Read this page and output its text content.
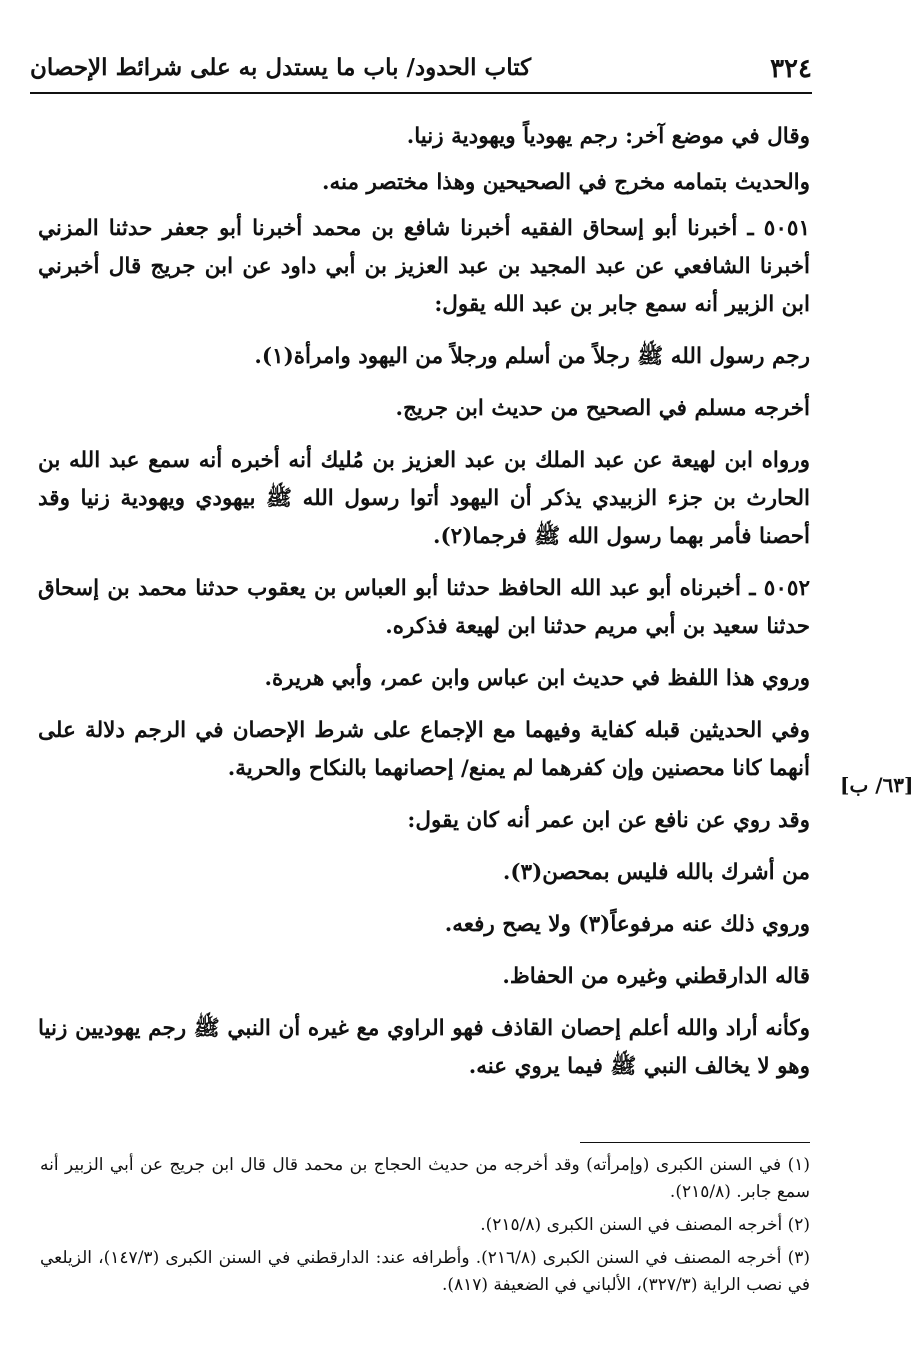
٣٢٤
كتاب الحدود/ باب ما يستدل به على شرائط الإحصان

وقال في موضع آخر: رجم يهودياً ويهودية زنيا.

والحديث بتمامه مخرج في الصحيحين وهذا مختصر منه.

٥٠٥١ ـ أخبرنا أبو إسحاق الفقيه أخبرنا شافع بن محمد أخبرنا أبو جعفر حدثنا المزني أخبرنا الشافعي عن عبد المجيد بن عبد العزيز بن أبي داود عن ابن جريج قال أخبرني ابن الزبير أنه سمع جابر بن عبد الله يقول:

رجم رسول الله ﷺ رجلاً من أسلم ورجلاً من اليهود وامرأة(١).

أخرجه مسلم في الصحيح من حديث ابن جريج.

ورواه ابن لهيعة عن عبد الملك بن عبد العزيز بن مُليك أنه أخبره أنه سمع عبد الله بن الحارث بن جزء الزبيدي يذكر أن اليهود أتوا رسول الله ﷺ بيهودي ويهودية زنيا وقد أحصنا فأمر بهما رسول الله ﷺ فرجما(٢).

٥٠٥٢ ـ أخبرناه أبو عبد الله الحافظ حدثنا أبو العباس بن يعقوب حدثنا محمد بن إسحاق حدثنا سعيد بن أبي مريم حدثنا ابن لهيعة فذكره.

وروي هذا اللفظ في حديث ابن عباس وابن عمر، وأبي هريرة.

وفي الحديثين قبله كفاية وفيهما مع الإجماع على شرط الإحصان في الرجم دلالة على أنهما كانا محصنين وإن كفرهما لم يمنع/ إحصانهما بالنكاح والحرية.

وقد روي عن نافع عن ابن عمر أنه كان يقول:

من أشرك بالله فليس بمحصن(٣).

وروي ذلك عنه مرفوعاً(٣) ولا يصح رفعه.

قاله الدارقطني وغيره من الحفاظ.

وكأنه أراد والله أعلم إحصان القاذف فهو الراوي مع غيره أن النبي ﷺ رجم يهوديين زنيا وهو لا يخالف النبي ﷺ فيما يروي عنه.

[٦٣/ ب]

(١) في السنن الكبرى (وإمرأته) وقد أخرجه من حديث الحجاج بن محمد قال قال ابن جريج عن أبي الزبير أنه سمع جابر. (٢١٥/٨).

(٢) أخرجه المصنف في السنن الكبرى (٢١٥/٨).

(٣) أخرجه المصنف في السنن الكبرى (٢١٦/٨). وأطرافه عند: الدارقطني في السنن الكبرى (١٤٧/٣)، الزيلعي في نصب الراية (٣٢٧/٣)، الألباني في الضعيفة (٨١٧).
